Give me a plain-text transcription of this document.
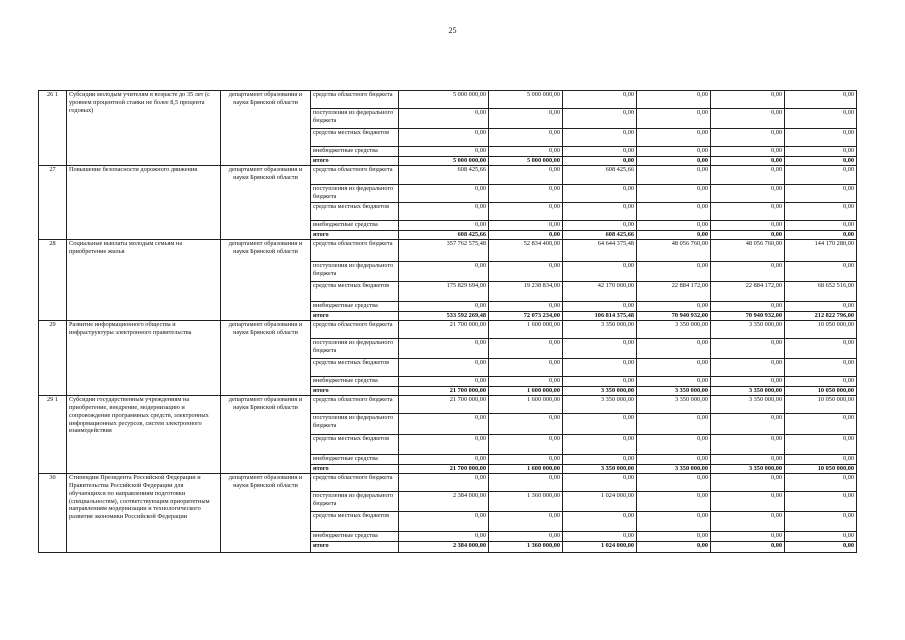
25
26 1	Субсидии молодым учителям в возрасте до 35 лет (с уровнем процентной ставки не более 8,5 процента годовых)	департамент образования и науки Брянской области	средства областного бюджета	5 000 000,00	5 000 000,00	0,00	0,00	0,00	0,00
			поступления из федерального бюджета	0,00	0,00	0,00	0,00	0,00	0,00
			средства местных бюджетов	0,00	0,00	0,00	0,00	0,00	0,00
			внебюджетные средства	0,00	0,00	0,00	0,00	0,00	0,00
			итого	5 000 000,00	5 000 000,00	0,00	0,00	0,00	0,00
27	Повышение безопасности дорожного движения	департамент образования и науки Брянской области	средства областного бюджета	608 425,66	0,00	608 425,66	0,00	0,00	0,00
			поступления из федерального бюджета	0,00	0,00	0,00	0,00	0,00	0,00
			средства местных бюджетов	0,00	0,00	0,00	0,00	0,00	0,00
			внебюджетные средства	0,00	0,00	0,00	0,00	0,00	0,00
			итого	608 425,66	0,00	608 425,66	0,00	0,00	0,00
28	Социальные выплаты молодым семьям на приобретение жилья	департамент образования и науки Брянской области	средства областного бюджета	357 762 575,48	52 834 400,00	64 644 375,48	48 056 760,00	48 056 760,00	144 170 280,00
			поступления из федерального бюджета	0,00	0,00	0,00	0,00	0,00	0,00
			средства местных бюджетов	175 829 694,00	19 238 834,00	42 170 000,00	22 884 172,00	22 884 172,00	68 652 516,00
			внебюджетные средства	0,00	0,00	0,00	0,00	0,00	0,00
			итого	533 592 269,48	72 073 234,00	106 814 375,48	70 940 932,00	70 940 932,00	212 822 796,00
29	Развитие информационного общества и инфраструктуры электронного правительства	департамент образования и науки Брянской области	средства областного бюджета	21 700 000,00	1 600 000,00	3 350 000,00	3 350 000,00	3 350 000,00	10 050 000,00
			поступления из федерального бюджета	0,00	0,00	0,00	0,00	0,00	0,00
			средства местных бюджетов	0,00	0,00	0,00	0,00	0,00	0,00
			внебюджетные средства	0,00	0,00	0,00	0,00	0,00	0,00
			итого	21 700 000,00	1 600 000,00	3 350 000,00	3 350 000,00	3 350 000,00	10 050 000,00
29 1	Субсидии государственным учреждениям на приобретение, внедрение, модернизацию и сопровождение программных средств, электронных информационных ресурсов, систем электронного взаимодействия	департамент образования и науки Брянской области	средства областного бюджета	21 700 000,00	1 600 000,00	3 350 000,00	3 350 000,00	3 350 000,00	10 050 000,00
			поступления из федерального бюджета	0,00	0,00	0,00	0,00	0,00	0,00
			средства местных бюджетов	0,00	0,00	0,00	0,00	0,00	0,00
			внебюджетные средства	0,00	0,00	0,00	0,00	0,00	0,00
			итого	21 700 000,00	1 600 000,00	3 350 000,00	3 350 000,00	3 350 000,00	10 050 000,00
30	Стипендии Президента Российской Федерации и Правительства Российской Федерации для обучающихся по направлениям подготовки (специальностям), соответствующим приоритетным направлениям модернизации и технологического развития экономики Российской Федерации	департамент образования и науки Брянской области	средства областного бюджета	0,00	0,00	0,00	0,00	0,00	0,00
			поступления из федерального бюджета	2 384 000,00	1 360 000,00	1 024 000,00	0,00	0,00	0,00
			средства местных бюджетов	0,00	0,00	0,00	0,00	0,00	0,00
			внебюджетные средства	0,00	0,00	0,00	0,00	0,00	0,00
			итого	2 384 000,00	1 360 000,00	1 024 000,00	0,00	0,00	0,00
